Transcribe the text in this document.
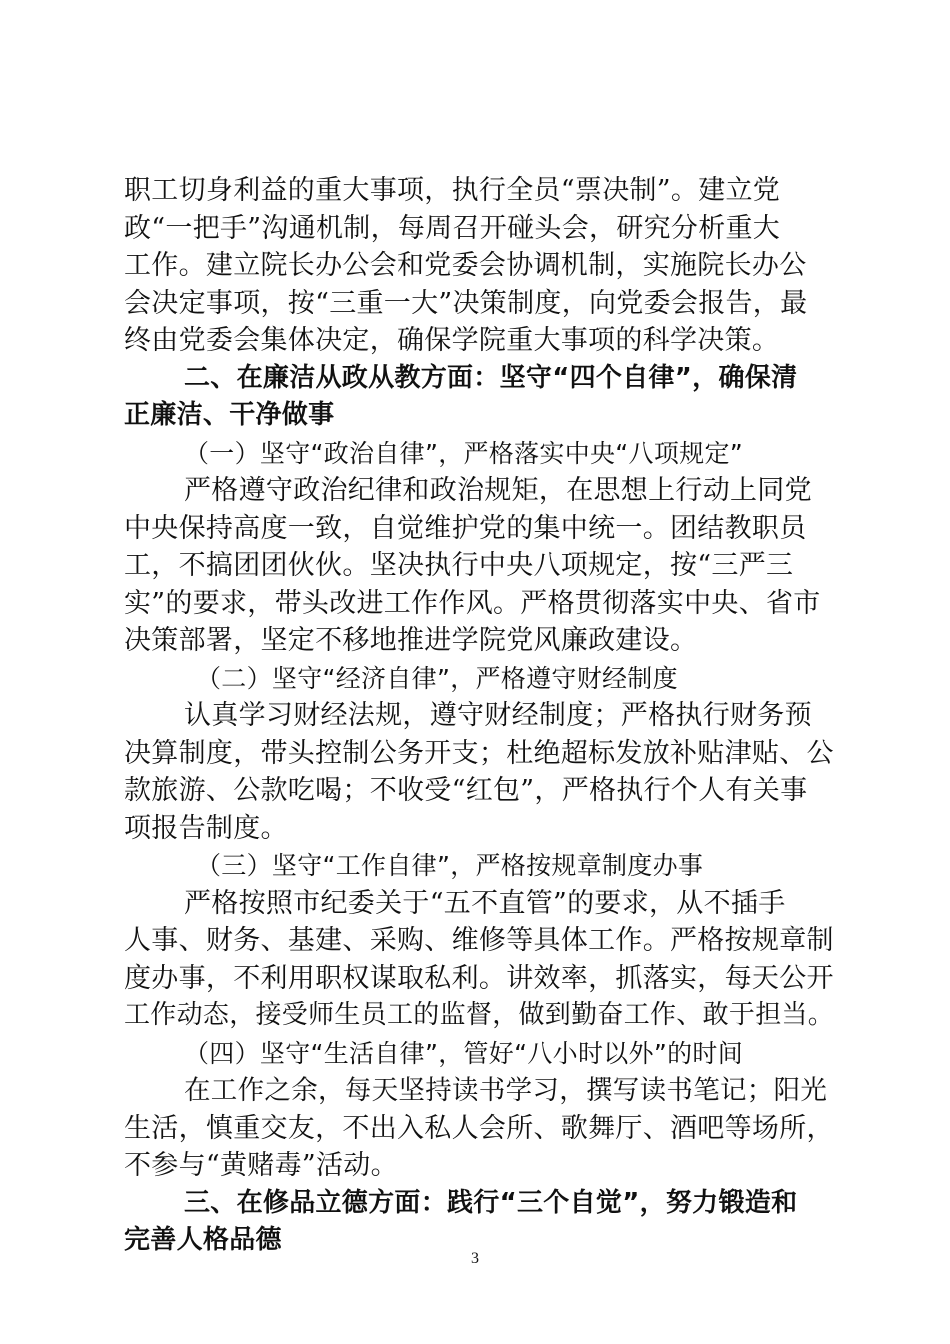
职工切身利益的重大事项，执行全员“票决制”。建立党
政“一把手”沟通机制，每周召开碰头会，研究分析重大
工作。建立院长办公会和党委会协调机制，实施院长办公
会决定事项，按“三重一大”决策制度，向党委会报告，最
终由党委会集体决定，确保学院重大事项的科学决策。
二、在廉洁从政从教方面：坚守“四个自律”，确保清
正廉洁、干净做事
（一）坚守“政治自律”，严格落实中央“八项规定”
严格遵守政治纪律和政治规矩，在思想上行动上同党
中央保持高度一致，自觉维护党的集中统一。团结教职员
工，不搞团团伙伙。坚决执行中央八项规定，按“三严三
实”的要求，带头改进工作作风。严格贯彻落实中央、省市
决策部署，坚定不移地推进学院党风廉政建设。
（二）坚守“经济自律”，严格遵守财经制度
认真学习财经法规，遵守财经制度；严格执行财务预
决算制度，带头控制公务开支；杜绝超标发放补贴津贴、公
款旅游、公款吃喝；不收受“红包”，严格执行个人有关事
项报告制度。
（三）坚守“工作自律”，严格按规章制度办事
严格按照市纪委关于“五不直管”的要求，从不插手
人事、财务、基建、采购、维修等具体工作。严格按规章制
度办事，不利用职权谋取私利。讲效率，抓落实，每天公开
工作动态，接受师生员工的监督，做到勤奋工作、敢于担当。
（四）坚守“生活自律”，管好“八小时以外”的时间
在工作之余，每天坚持读书学习，撰写读书笔记；阳光
生活，慎重交友，不出入私人会所、歌舞厅、酒吧等场所，
不参与“黄赌毒”活动。
三、在修品立德方面：践行“三个自觉”，努力锻造和
完善人格品德
3
